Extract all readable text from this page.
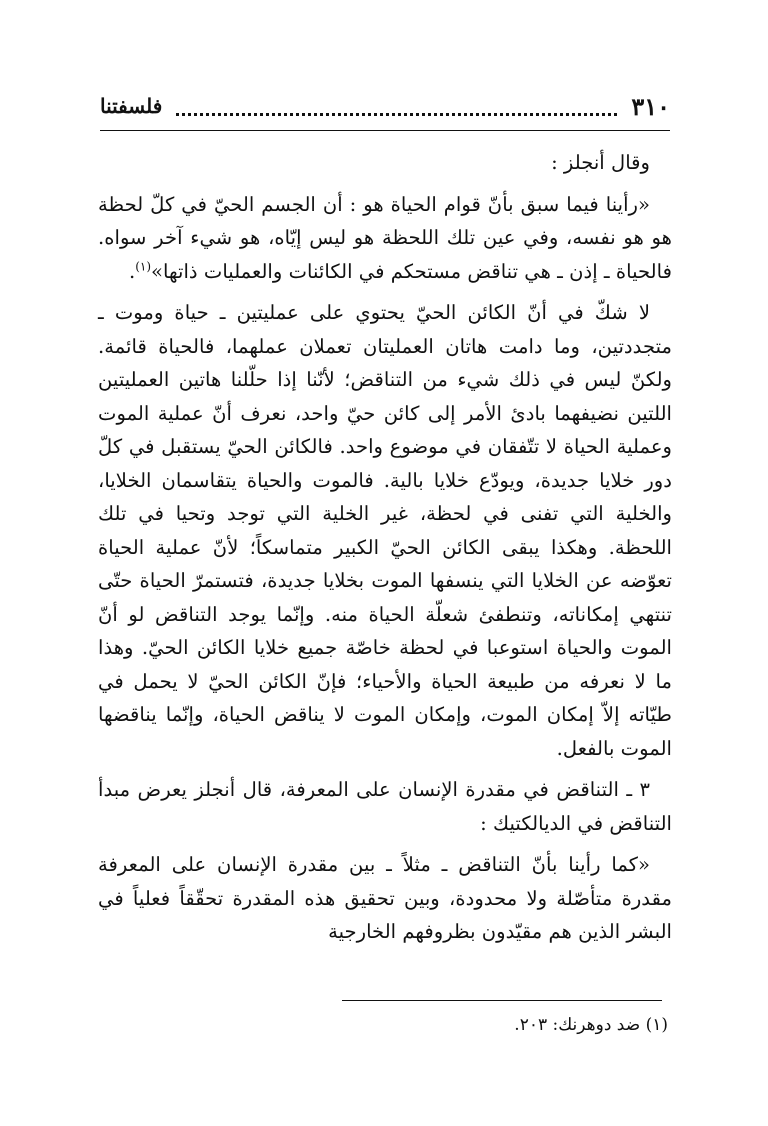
٣١٠
فلسفتنا

وقال أنجلز :

«رأينا فيما سبق بأنّ قوام الحياة هو : أن الجسم الحيّ في كلّ لحظة هو هو نفسه، وفي عين تلك اللحظة هو ليس إيّاه، هو شيء آخر سواه. فالحياة ـ إذن ـ هي تناقض مستحكم في الكائنات والعمليات ذاتها»$^{(١)}$.

لا شكّ في أنّ الكائن الحيّ يحتوي على عمليتين ـ حياة وموت ـ متجددتين، وما دامت هاتان العمليتان تعملان عملهما، فالحياة قائمة. ولكنّ ليس في ذلك شيء من التناقض؛ لأنّنا إذا حلّلنا هاتين العمليتين اللتين نضيفهما بادئ الأمر إلى كائن حيّ واحد، نعرف أنّ عملية الموت وعملية الحياة لا تتّفقان في موضوع واحد. فالكائن الحيّ يستقبل في كلّ دور خلايا جديدة، ويودّع خلايا بالية. فالموت والحياة يتقاسمان الخلايا، والخلية التي تفنى في لحظة، غير الخلية التي توجد وتحيا في تلك اللحظة. وهكذا يبقى الكائن الحيّ الكبير متماسكاً؛ لأنّ عملية الحياة تعوّضه عن الخلايا التي ينسفها الموت بخلايا جديدة، فتستمرّ الحياة حتّى تنتهي إمكاناته، وتنطفئ شعلّة الحياة منه. وإنّما يوجد التناقض لو أنّ الموت والحياة استوعبا في لحظة خاصّة جميع خلايا الكائن الحيّ. وهذا ما لا نعرفه من طبيعة الحياة والأحياء؛ فإنّ الكائن الحيّ لا يحمل في طيّاته إلاّ إمكان الموت، وإمكان الموت لا يناقض الحياة، وإنّما يناقضها الموت بالفعل.

٣ ـ التناقض في مقدرة الإنسان على المعرفة، قال أنجلز يعرض مبدأ التناقض في الديالكتيك :

«كما رأينا بأنّ التناقض ـ مثلاً ـ بين مقدرة الإنسان على المعرفة مقدرة متأصّلة ولا محدودة، وبين تحقيق هذه المقدرة تحقّقاً فعلياً في البشر الذين هم مقيّدون بظروفهم الخارجية

(١) ضد دوهرنك: ٢٠٣.
